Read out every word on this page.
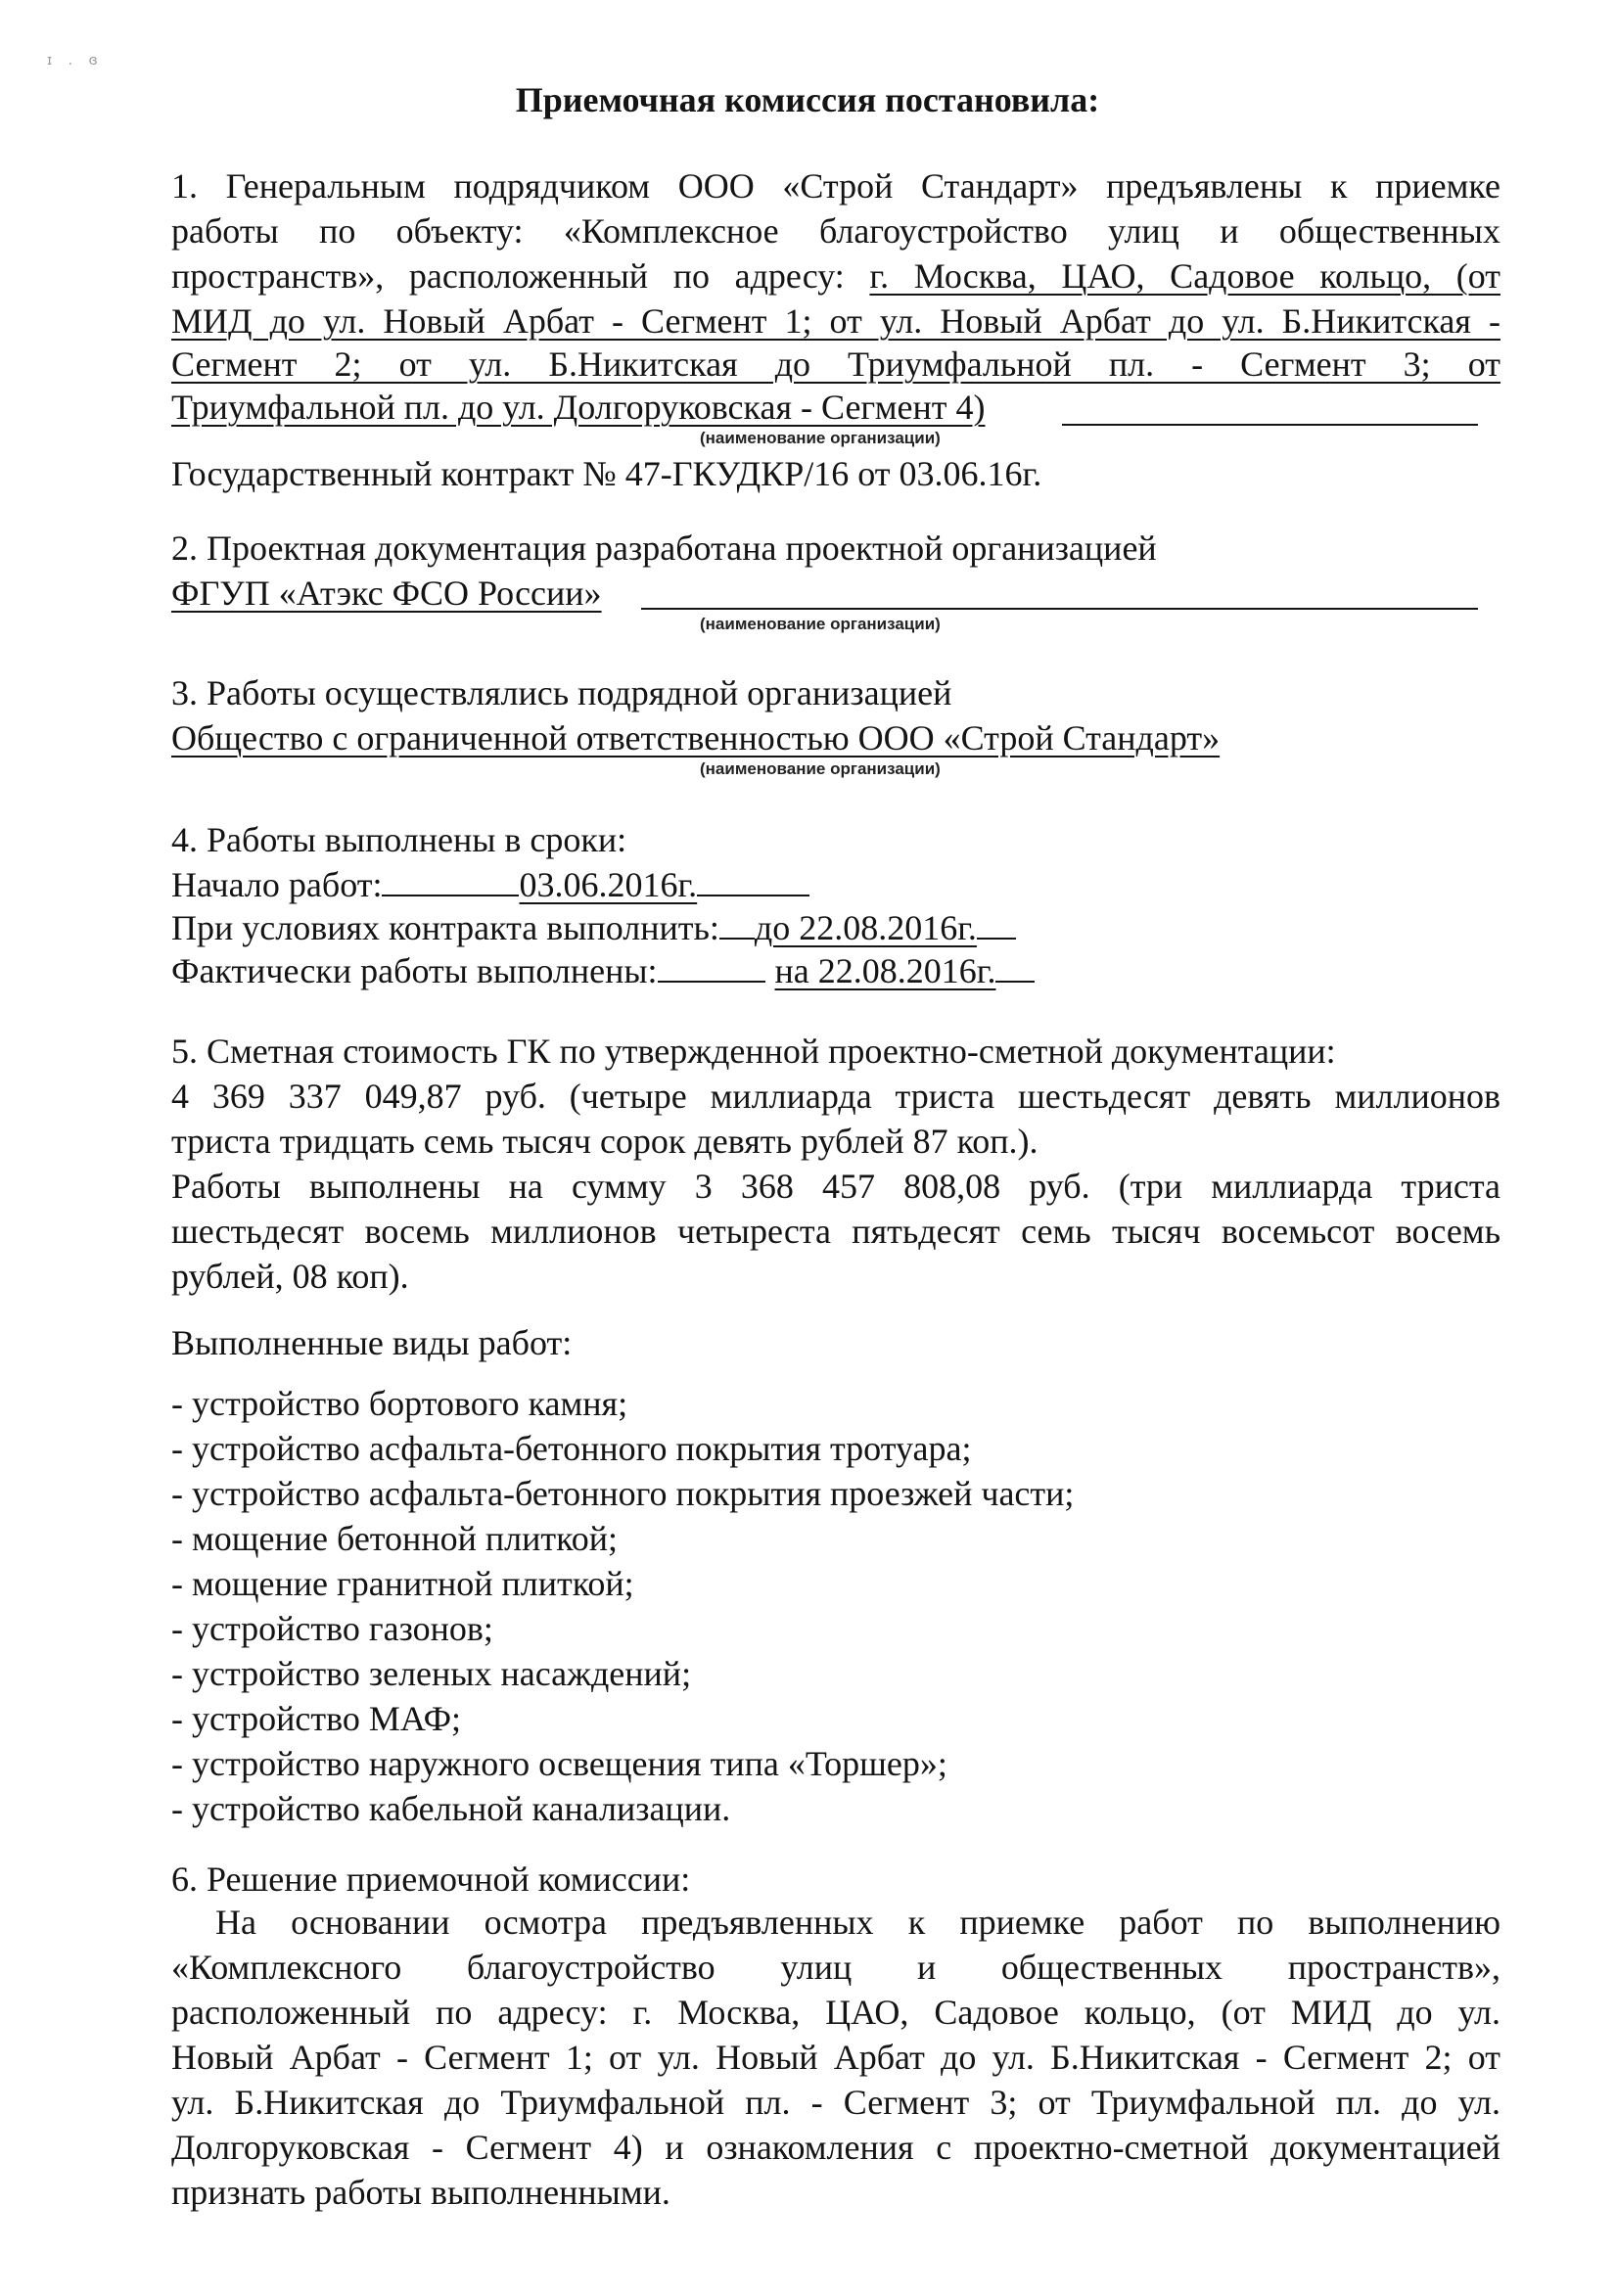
ɪ . ɞ
Приемочная комиссия постановила:
1. Генеральным подрядчиком ООО «Строй Стандарт» предъявлены к приемке
работы по объекту: «Комплексное благоустройство улиц и общественных
пространств», расположенный по адресу: г. Москва, ЦАО, Садовое кольцо, (от
МИД до ул. Новый Арбат - Сегмент 1; от ул. Новый Арбат до ул. Б.Никитская -
Сегмент 2; от ул. Б.Никитская до Триумфальной пл. - Сегмент 3; от
Триумфальной пл. до ул. Долгоруковская - Сегмент 4)
(наименование организации)
Государственный контракт № 47-ГКУДКР/16 от 03.06.16г.
2. Проектная документация разработана проектной организацией
ФГУП «Атэкс ФСО России»
(наименование организации)
3. Работы осуществлялись подрядной организацией
Общество с ограниченной ответственностью ООО «Строй Стандарт»
(наименование организации)
4. Работы выполнены в сроки:
Начало работ:	03.06.2016г.
При условиях контракта выполнить: до 22.08.2016г.
Фактически работы выполнены:	на 22.08.2016г.
5. Сметная стоимость ГК по утвержденной проектно-сметной документации:
4 369 337 049,87 руб. (четыре миллиарда триста шестьдесят девять миллионов
триста тридцать семь тысяч сорок девять рублей 87 коп.).
Работы выполнены на сумму 3 368 457 808,08 руб. (три миллиарда триста
шестьдесят восемь миллионов четыреста пятьдесят семь тысяч восемьсот восемь
рублей, 08 коп).
Выполненные виды работ:
- устройство бортового камня;
- устройство асфальта-бетонного покрытия тротуара;
- устройство асфальта-бетонного покрытия проезжей части;
- мощение бетонной плиткой;
- мощение гранитной плиткой;
- устройство газонов;
- устройство зеленых насаждений;
- устройство МАФ;
- устройство наружного освещения типа «Торшер»;
- устройство кабельной канализации.
6. Решение приемочной комиссии:
На основании осмотра предъявленных к приемке работ по выполнению
«Комплексного благоустройство улиц и общественных пространств»,
расположенный по адресу: г. Москва, ЦАО, Садовое кольцо, (от МИД до ул.
Новый Арбат - Сегмент 1; от ул. Новый Арбат до ул. Б.Никитская - Сегмент 2; от
ул. Б.Никитская до Триумфальной пл. - Сегмент 3; от Триумфальной пл. до ул.
Долгоруковская - Сегмент 4) и ознакомления с проектно-сметной документацией
признать работы выполненными.
